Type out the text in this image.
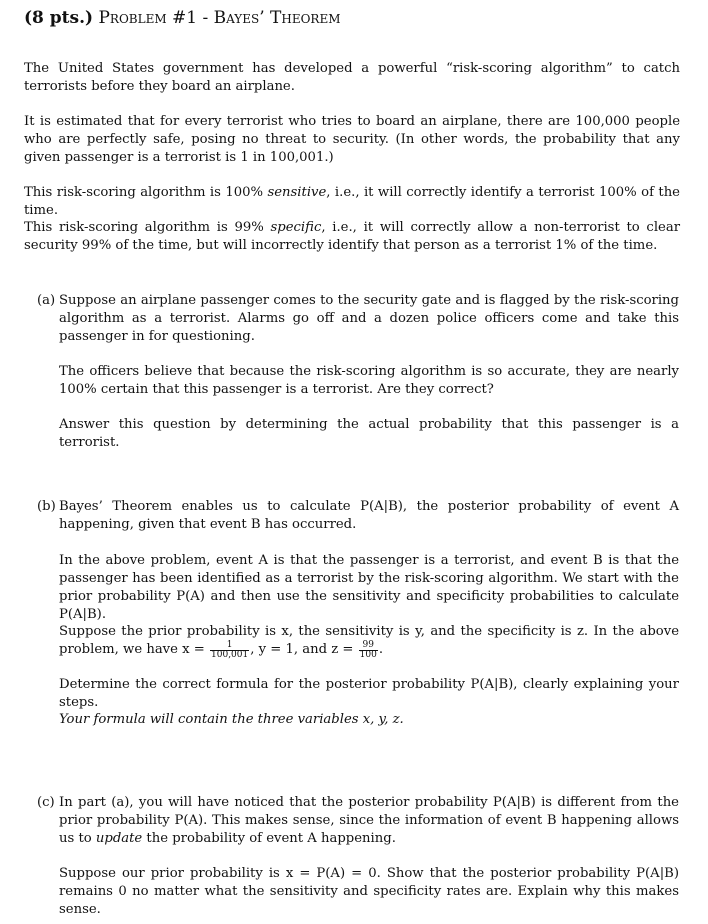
(8 pts.) Problem #1 - Bayes’ Theorem
The United States government has developed a powerful “risk-scoring algorithm” to catch terrorists before they board an airplane.
It is estimated that for every terrorist who tries to board an airplane, there are 100,000 people who are perfectly safe, posing no threat to security. (In other words, the probability that any given passenger is a terrorist is 1 in 100,001.)
This risk-scoring algorithm is 100% sensitive, i.e., it will correctly identify a terrorist 100% of the time.
This risk-scoring algorithm is 99% specific, i.e., it will correctly allow a non-terrorist to clear security 99% of the time, but will incorrectly identify that person as a terrorist 1% of the time.
(a) Suppose an airplane passenger comes to the security gate and is flagged by the risk-scoring algorithm as a terrorist. Alarms go off and a dozen police officers come and take this passenger in for questioning.
The officers believe that because the risk-scoring algorithm is so accurate, they are nearly 100% certain that this passenger is a terrorist. Are they correct?
Answer this question by determining the actual probability that this passenger is a terrorist.
(b) Bayes’ Theorem enables us to calculate P(A|B), the posterior probability of event A happening, given that event B has occurred.
In the above problem, event A is that the passenger is a terrorist, and event B is that the passenger has been identified as a terrorist by the risk-scoring algorithm. We start with the prior probability P(A) and then use the sensitivity and specificity probabilities to calculate P(A|B).
Suppose the prior probability is x, the sensitivity is y, and the specificity is z. In the above problem, we have $x = \frac{1}{100,001}$ , y = 1, and $z = \frac{99}{100}$ .
Determine the correct formula for the posterior probability P(A|B), clearly explaining your steps.
Your formula will contain the three variables x, y, z.
(c) In part (a), you will have noticed that the posterior probability P(A|B) is different from the prior probability P(A). This makes sense, since the information of event B happening allows us to update the probability of event A happening.
Suppose our prior probability is x = P(A) = 0. Show that the posterior probability P(A|B) remains 0 no matter what the sensitivity and specificity rates are. Explain why this makes sense.
